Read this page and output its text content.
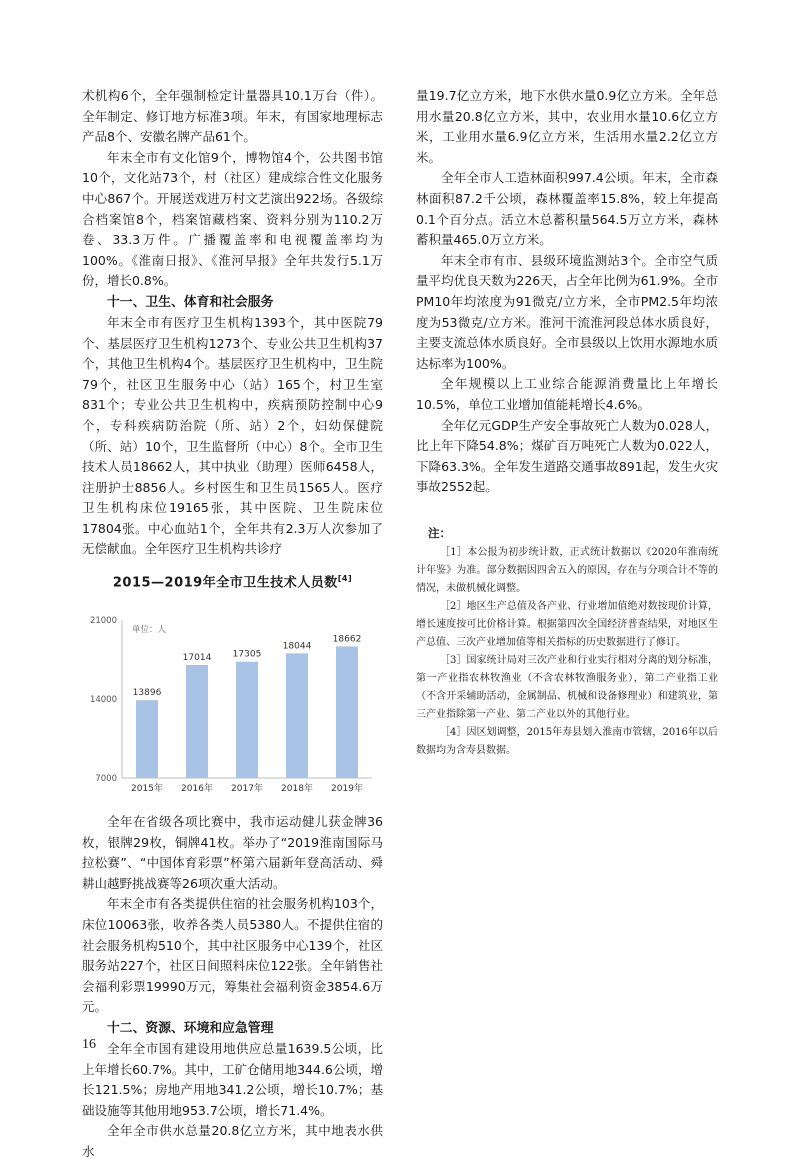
术机构6个，全年强制检定计量器具10.1万台（件）。全年制定、修订地方标准3项。年末，有国家地理标志产品8个、安徽名牌产品61个。

年末全市有文化馆9个，博物馆4个，公共图书馆10个，文化站73个，村（社区）建成综合性文化服务中心867个。开展送戏进万村文艺演出922场。各级综合档案馆8个，档案馆藏档案、资料分别为110.2万卷、33.3万件。广播覆盖率和电视覆盖率均为100%。《淮南日报》、《淮河早报》全年共发行5.1万份，增长0.8%。

十一、卫生、体育和社会服务

年末全市有医疗卫生机构1393个，其中医院79个、基层医疗卫生机构1273个、专业公共卫生机构37个，其他卫生机构4个。基层医疗卫生机构中，卫生院79个，社区卫生服务中心（站）165个，村卫生室831个；专业公共卫生机构中，疾病预防控制中心9个，专科疾病防治院（所、站）2个，妇幼保健院（所、站）10个，卫生监督所（中心）8个。全市卫生技术人员18662人，其中执业（助理）医师6458人，注册护士8856人。乡村医生和卫生员1565人。医疗卫生机构床位19165张，其中医院、卫生院床位17804张。中心血站1个，全年共有2.3万人次参加了无偿献血。全年医疗卫生机构共诊疗

2015—2019年全市卫生技术人员数[4]
7000
14000
21000
单位：人
13896
2015年
17014
2016年
17305
2017年
18044
2018年
18662
2019年

全年在省级各项比赛中，我市运动健儿获金牌36枚，银牌29枚，铜牌41枚。举办了“2019淮南国际马拉松赛”、“中国体育彩票”杯第六届新年登高活动、舜耕山越野挑战赛等26项次重大活动。

年末全市有各类提供住宿的社会服务机构103个，床位10063张，收养各类人员5380人。不提供住宿的社会服务机构510个，其中社区服务中心139个，社区服务站227个，社区日间照料床位122张。全年销售社会福利彩票19990万元，筹集社会福利资金3854.6万元。

十二、资源、环境和应急管理

全年全市国有建设用地供应总量1639.5公顷，比上年增长60.7%。其中，工矿仓储用地344.6公顷，增长121.5%；房地产用地341.2公顷，增长10.7%；基础设施等其他用地953.7公顷，增长71.4%。

全年全市供水总量20.8亿立方米，其中地表水供水

量19.7亿立方米，地下水供水量0.9亿立方米。全年总用水量20.8亿立方米，其中，农业用水量10.6亿立方米，工业用水量6.9亿立方米，生活用水量2.2亿立方米。

全年全市人工造林面积997.4公顷。年末，全市森林面积87.2千公顷，森林覆盖率15.8%，较上年提高0.1个百分点。活立木总蓄积量564.5万立方米，森林蓄积量465.0万立方米。

年末全市有市、县级环境监测站3个。全市空气质量平均优良天数为226天，占全年比例为61.9%。全市PM10年均浓度为91微克/立方米，全市PM2.5年均浓度为53微克/立方米。淮河干流淮河段总体水质良好，主要支流总体水质良好。全市县级以上饮用水源地水质达标率为100%。

全年规模以上工业综合能源消费量比上年增长10.5%，单位工业增加值能耗增长4.6%。

全年亿元GDP生产安全事故死亡人数为0.028人，比上年下降54.8%；煤矿百万吨死亡人数为0.022人，下降63.3%。全年发生道路交通事故891起，发生火灾事故2552起。

注：

［1］本公报为初步统计数，正式统计数据以《2020年淮南统计年鉴》为准。部分数据因四舍五入的原因，存在与分项合计不等的情况，未做机械化调整。

［2］地区生产总值及各产业、行业增加值绝对数按现价计算，增长速度按可比价格计算。根据第四次全国经济普查结果，对地区生产总值、三次产业增加值等相关指标的历史数据进行了修订。

［3］国家统计局对三次产业和行业实行相对分离的划分标准，第一产业指农林牧渔业（不含农林牧渔服务业），第二产业指工业（不含开采辅助活动，金属制品、机械和设备修理业）和建筑业，第三产业指除第一产业、第二产业以外的其他行业。

［4］因区划调整，2015年寿县划入淮南市管辖，2016年以后数据均为含寿县数据。

16
